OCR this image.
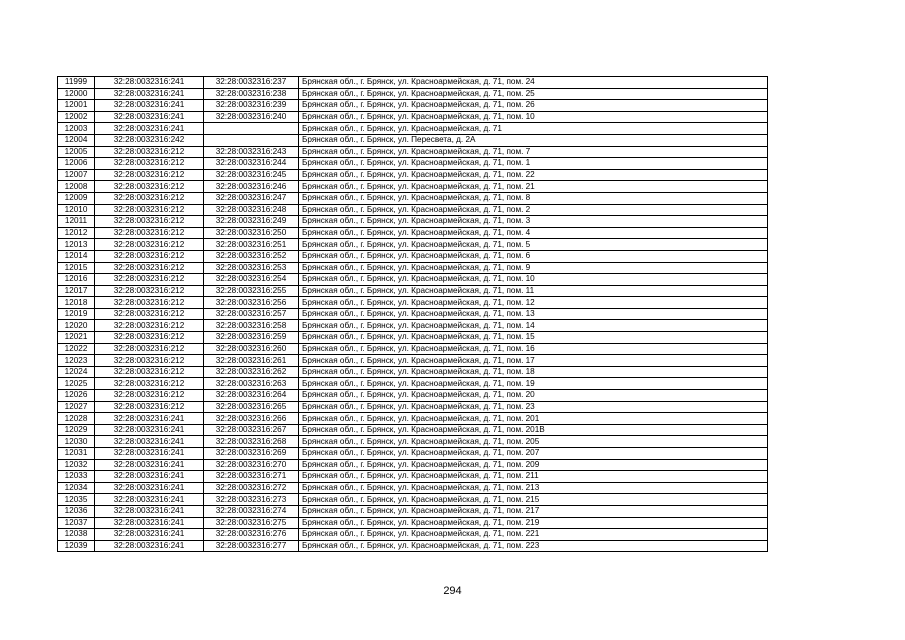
11999	32:28:0032316:241	32:28:0032316:237	Брянская обл., г. Брянск, ул. Красноармейская, д. 71, пом. 24
12000	32:28:0032316:241	32:28:0032316:238	Брянская обл., г. Брянск, ул. Красноармейская, д. 71, пом. 25
12001	32:28:0032316:241	32:28:0032316:239	Брянская обл., г. Брянск, ул. Красноармейская, д. 71, пом. 26
12002	32:28:0032316:241	32:28:0032316:240	Брянская обл., г. Брянск, ул. Красноармейская, д. 71, пом. 10
12003	32:28:0032316:241		Брянская обл., г. Брянск, ул. Красноармейская, д. 71
12004	32:28:0032316:242		Брянская обл., г. Брянск, ул. Пересвета, д. 2А
12005	32:28:0032316:212	32:28:0032316:243	Брянская обл., г. Брянск, ул. Красноармейская, д. 71, пом. 7
12006	32:28:0032316:212	32:28:0032316:244	Брянская обл., г. Брянск, ул. Красноармейская, д. 71, пом. 1
12007	32:28:0032316:212	32:28:0032316:245	Брянская обл., г. Брянск, ул. Красноармейская, д. 71, пом. 22
12008	32:28:0032316:212	32:28:0032316:246	Брянская обл., г. Брянск, ул. Красноармейская, д. 71, пом. 21
12009	32:28:0032316:212	32:28:0032316:247	Брянская обл., г. Брянск, ул. Красноармейская, д. 71, пом. 8
12010	32:28:0032316:212	32:28:0032316:248	Брянская обл., г. Брянск, ул. Красноармейская, д. 71, пом. 2
12011	32:28:0032316:212	32:28:0032316:249	Брянская обл., г. Брянск, ул. Красноармейская, д. 71, пом. 3
12012	32:28:0032316:212	32:28:0032316:250	Брянская обл., г. Брянск, ул. Красноармейская, д. 71, пом. 4
12013	32:28:0032316:212	32:28:0032316:251	Брянская обл., г. Брянск, ул. Красноармейская, д. 71, пом. 5
12014	32:28:0032316:212	32:28:0032316:252	Брянская обл., г. Брянск, ул. Красноармейская, д. 71, пом. 6
12015	32:28:0032316:212	32:28:0032316:253	Брянская обл., г. Брянск, ул. Красноармейская, д. 71, пом. 9
12016	32:28:0032316:212	32:28:0032316:254	Брянская обл., г. Брянск, ул. Красноармейская, д. 71, пом. 10
12017	32:28:0032316:212	32:28:0032316:255	Брянская обл., г. Брянск, ул. Красноармейская, д. 71, пом. 11
12018	32:28:0032316:212	32:28:0032316:256	Брянская обл., г. Брянск, ул. Красноармейская, д. 71, пом. 12
12019	32:28:0032316:212	32:28:0032316:257	Брянская обл., г. Брянск, ул. Красноармейская, д. 71, пом. 13
12020	32:28:0032316:212	32:28:0032316:258	Брянская обл., г. Брянск, ул. Красноармейская, д. 71, пом. 14
12021	32:28:0032316:212	32:28:0032316:259	Брянская обл., г. Брянск, ул. Красноармейская, д. 71, пом. 15
12022	32:28:0032316:212	32:28:0032316:260	Брянская обл., г. Брянск, ул. Красноармейская, д. 71, пом. 16
12023	32:28:0032316:212	32:28:0032316:261	Брянская обл., г. Брянск, ул. Красноармейская, д. 71, пом. 17
12024	32:28:0032316:212	32:28:0032316:262	Брянская обл., г. Брянск, ул. Красноармейская, д. 71, пом. 18
12025	32:28:0032316:212	32:28:0032316:263	Брянская обл., г. Брянск, ул. Красноармейская, д. 71, пом. 19
12026	32:28:0032316:212	32:28:0032316:264	Брянская обл., г. Брянск, ул. Красноармейская, д. 71, пом. 20
12027	32:28:0032316:212	32:28:0032316:265	Брянская обл., г. Брянск, ул. Красноармейская, д. 71, пом. 23
12028	32:28:0032316:241	32:28:0032316:266	Брянская обл., г. Брянск, ул. Красноармейская, д. 71, пом. 201
12029	32:28:0032316:241	32:28:0032316:267	Брянская обл., г. Брянск, ул. Красноармейская, д. 71, пом. 201В
12030	32:28:0032316:241	32:28:0032316:268	Брянская обл., г. Брянск, ул. Красноармейская, д. 71, пом. 205
12031	32:28:0032316:241	32:28:0032316:269	Брянская обл., г. Брянск, ул. Красноармейская, д. 71, пом. 207
12032	32:28:0032316:241	32:28:0032316:270	Брянская обл., г. Брянск, ул. Красноармейская, д. 71, пом. 209
12033	32:28:0032316:241	32:28:0032316:271	Брянская обл., г. Брянск, ул. Красноармейская, д. 71, пом. 211
12034	32:28:0032316:241	32:28:0032316:272	Брянская обл., г. Брянск, ул. Красноармейская, д. 71, пом. 213
12035	32:28:0032316:241	32:28:0032316:273	Брянская обл., г. Брянск, ул. Красноармейская, д. 71, пом. 215
12036	32:28:0032316:241	32:28:0032316:274	Брянская обл., г. Брянск, ул. Красноармейская, д. 71, пом. 217
12037	32:28:0032316:241	32:28:0032316:275	Брянская обл., г. Брянск, ул. Красноармейская, д. 71, пом. 219
12038	32:28:0032316:241	32:28:0032316:276	Брянская обл., г. Брянск, ул. Красноармейская, д. 71, пом. 221
12039	32:28:0032316:241	32:28:0032316:277	Брянская обл., г. Брянск, ул. Красноармейская, д. 71, пом. 223
294
